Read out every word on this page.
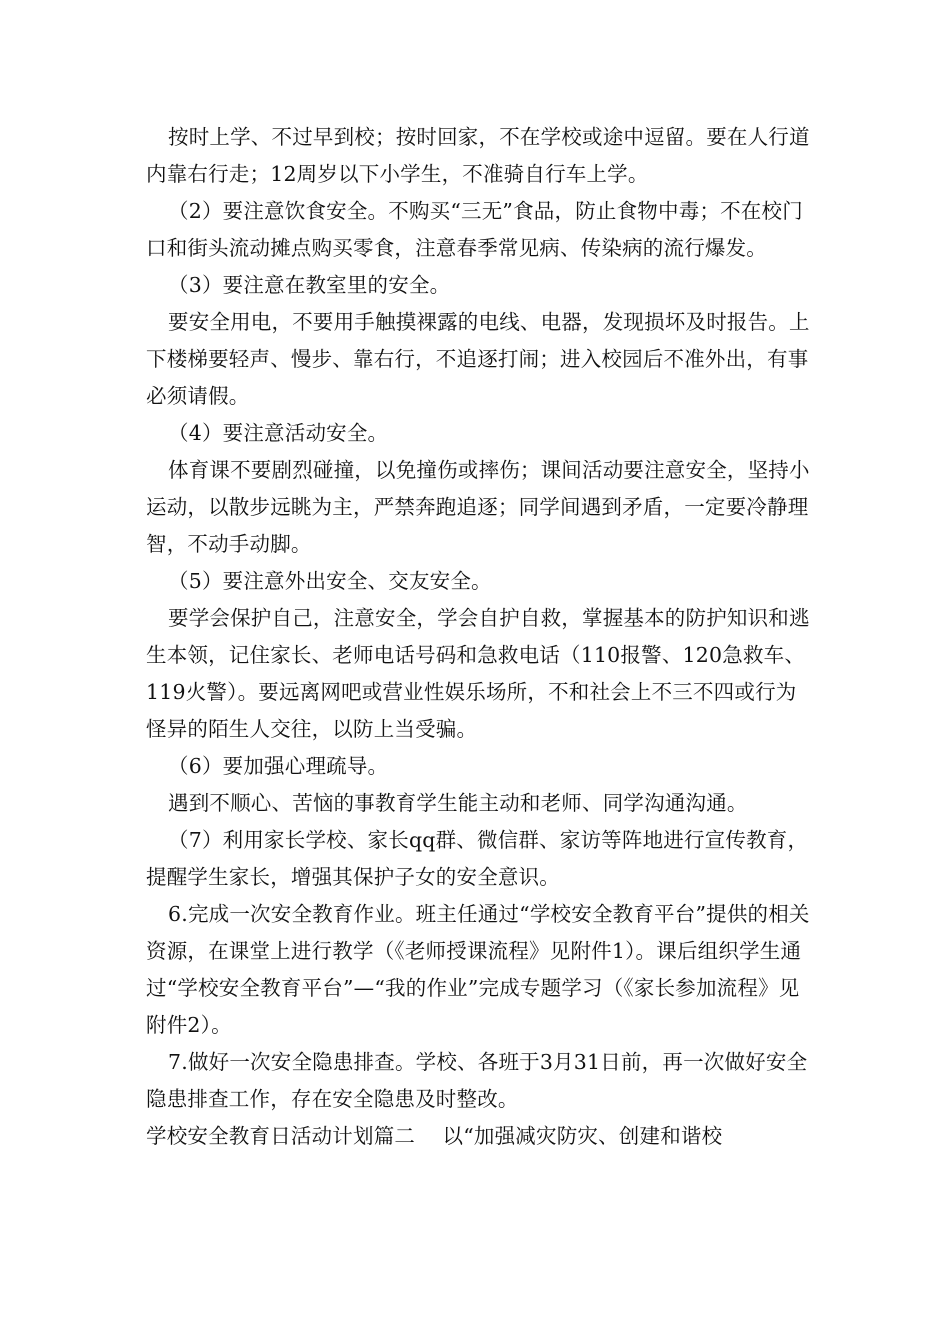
按时上学、不过早到校；按时回家，不在学校或途中逗留。要在人行道内靠右行走；12周岁以下小学生，不准骑自行车上学。

（2）要注意饮食安全。不购买“三无”食品，防止食物中毒；不在校门口和街头流动摊点购买零食，注意春季常见病、传染病的流行爆发。

（3）要注意在教室里的安全。

要安全用电，不要用手触摸裸露的电线、电器，发现损坏及时报告。上下楼梯要轻声、慢步、靠右行，不追逐打闹；进入校园后不准外出，有事必须请假。

（4）要注意活动安全。

体育课不要剧烈碰撞，以免撞伤或摔伤；课间活动要注意安全，坚持小运动，以散步远眺为主，严禁奔跑追逐；同学间遇到矛盾，一定要冷静理智，不动手动脚。

（5）要注意外出安全、交友安全。

要学会保护自己，注意安全，学会自护自救，掌握基本的防护知识和逃生本领，记住家长、老师电话号码和急救电话（110报警、120急救车、119火警）。要远离网吧或营业性娱乐场所，不和社会上不三不四或行为怪异的陌生人交往，以防上当受骗。

（6）要加强心理疏导。

遇到不顺心、苦恼的事教育学生能主动和老师、同学沟通沟通。

（7）利用家长学校、家长qq群、微信群、家访等阵地进行宣传教育，提醒学生家长，增强其保护子女的安全意识。

6.完成一次安全教育作业。班主任通过“学校安全教育平台”提供的相关资源，在课堂上进行教学（《老师授课流程》见附件1）。课后组织学生通过“学校安全教育平台”—“我的作业”完成专题学习（《家长参加流程》见附件2）。

7.做好一次安全隐患排查。学校、各班于3月31日前，再一次做好安全隐患排查工作，存在安全隐患及时整改。

学校安全教育日活动计划篇二　 以“加强减灾防灾、创建和谐校
